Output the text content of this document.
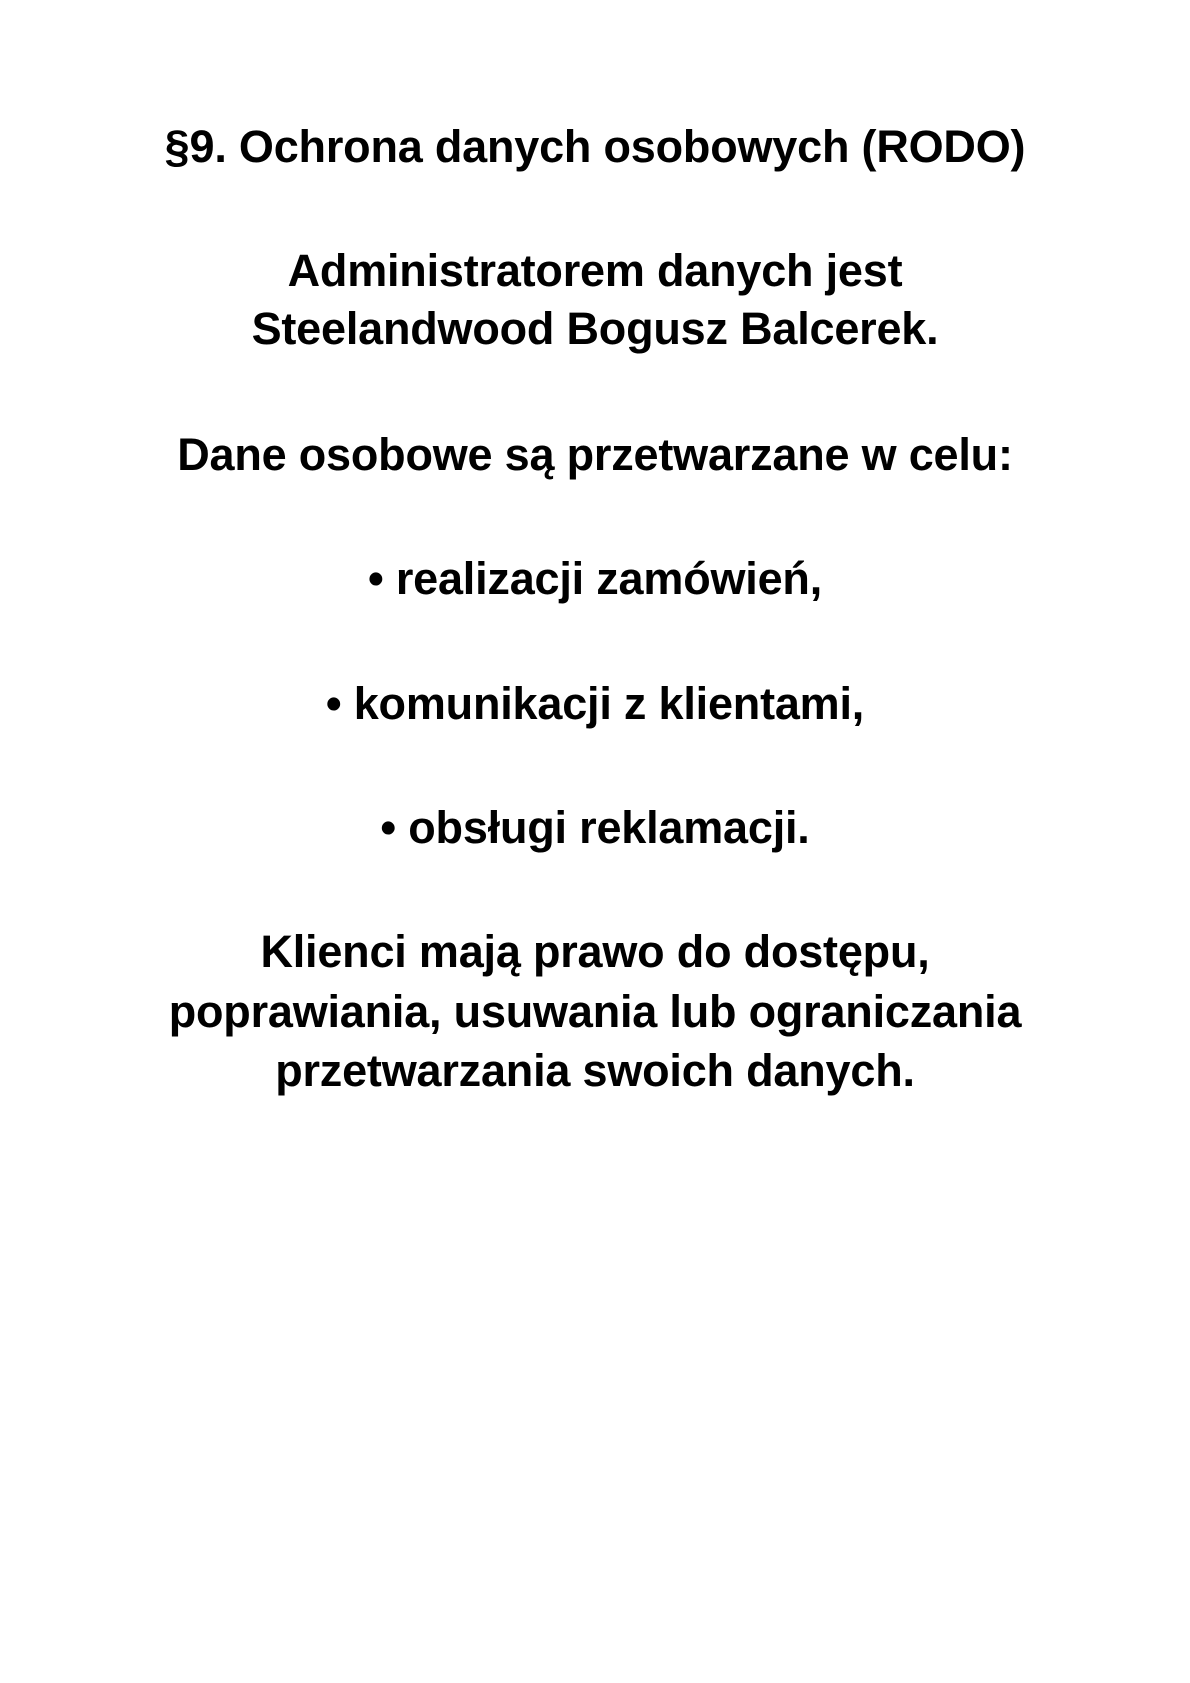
§9. Ochrona danych osobowych (RODO)
Administratorem danych jest
Steelandwood Bogusz Balcerek.
Dane osobowe są przetwarzane w celu:
• realizacji zamówień,
• komunikacji z klientami,
• obsługi reklamacji.
Klienci mają prawo do dostępu,
poprawiania, usuwania lub ograniczania
przetwarzania swoich danych.
